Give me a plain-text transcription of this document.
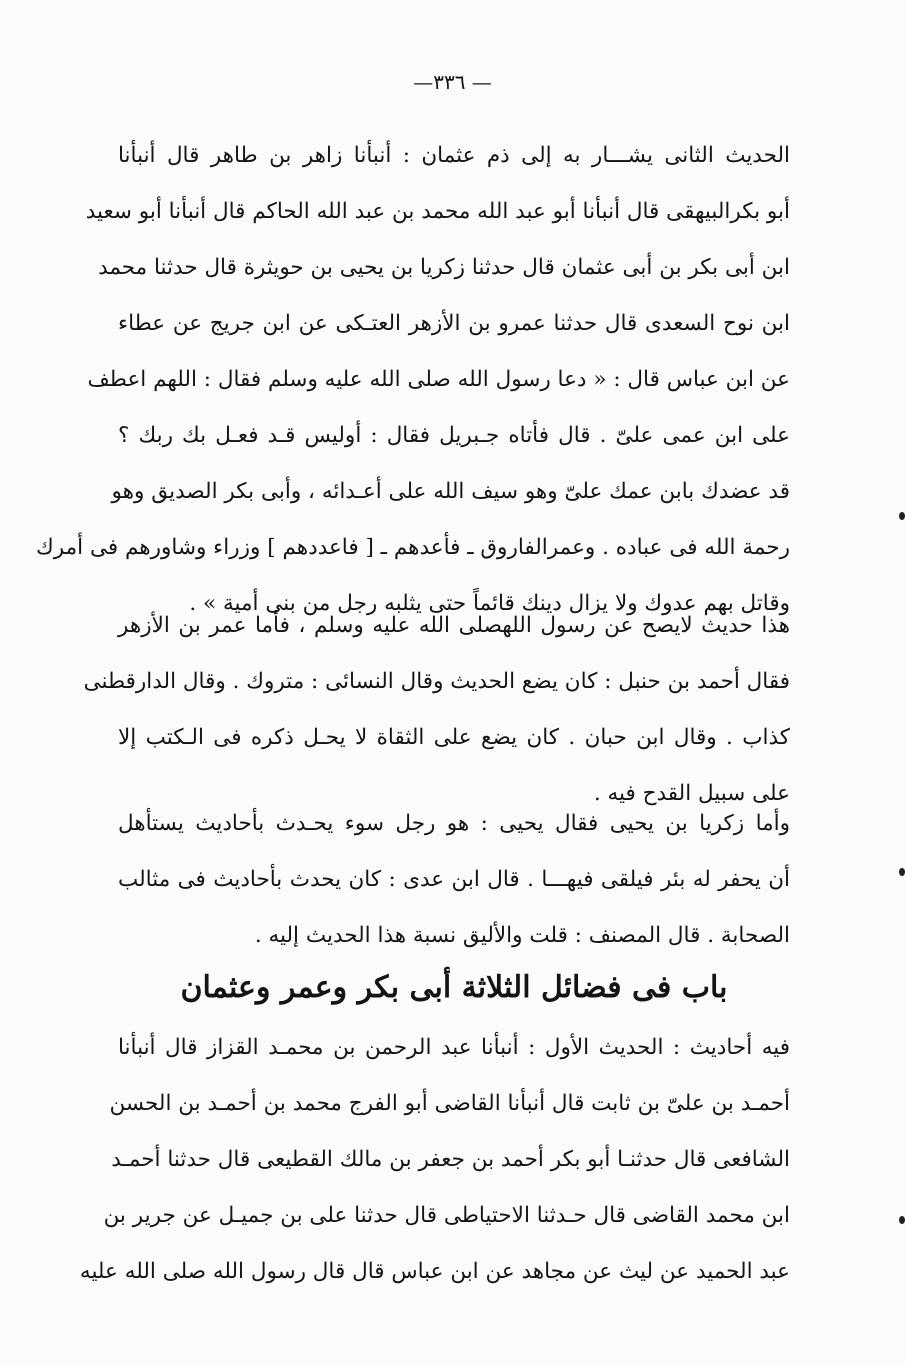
—٣٣٦ —
الحديث الثانى يشـــار به إلى ذم عثمان : أنبأنا زاهر بن طاهر قال أنبأنا
أبو بكرالبيهقى قال أنبأنا أبو عبد الله محمد بن عبد الله الحاكم قال أنبأنا أبو سعيد
ابن أبى بكر بن أبى عثمان قال حدثنا زكريا بن يحيى بن حويثرة قال حدثنا محمد
ابن نوح السعدى قال حدثنا عمرو بن الأزهر العتـكى عن ابن جريج عن عطاء
عن ابن عباس قال : « دعا رسول الله صلى الله عليه وسلم فقال : اللهم اعطف
على ابن عمى علىّ . قال فأتاه جـبريل فقال : أوليس قـد فعـل بك ربك ؟
قد عضدك بابن عمك علىّ وهو سيف الله على أعـدائه ، وأبى بكر الصديق وهو
رحمة الله فى عباده . وعمرالفاروق ـ فأعدهم ـ [ فاعددهم ] وزراء وشاورهم فى أمرك
وقاتل بهم عدوك ولا يزال دينك قائماً حتى يثلبه رجل من بنى أمية » .
هذا حديث لايصح عن رسول اللهصلى الله عليه وسلم ، فأما عمر بن الأزهر
فقال أحمد بن حنبل : كان يضع الحديث وقال النسائى : متروك . وقال الدارقطنى
كذاب . وقال ابن حبان . كان يضع على الثقاة لا يحـل ذكره فى الـكتب إلا
على سبيل القدح فيه .
وأما زكريا بن يحيى فقال يحيى : هو رجل سوء يحـدث بأحاديث يستأهل
أن يحفر له بئر فيلقى فيهـــا . قال ابن عدى : كان يحدث بأحاديث فى مثالب
الصحابة . قال المصنف : قلت والأليق نسبة هذا الحديث إليه .
باب فى فضائل الثلاثة أبى بكر وعمر وعثمان
فيه أحاديث : الحديث الأول : أنبأنا عبد الرحمن بن محمـد القزاز قال أنبأنا
أحمـد بن علىّ بن ثابت قال أنبأنا القاضى أبو الفرج محمد بن أحمـد بن الحسن
الشافعى قال حدثنـا أبو بكر أحمد بن جعفر بن مالك القطيعى قال حدثنا أحمـد
ابن محمد القاضى قال حـدثنا الاحتياطى قال حدثنا على بن جميـل عن جرير بن
عبد الحميد عن ليث عن مجاهد عن ابن عباس قال قال رسول الله صلى الله عليه
